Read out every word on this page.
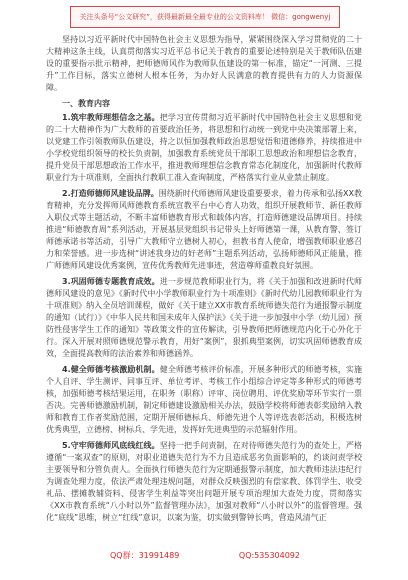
关注头条号“公文研究”，获得最新最全最专业的公文资料库！ 微信：gongwenyj

坚持以习近平新时代中国特色社会主义思想为指导，紧紧围绕深入学习贯彻党的二十大精神这条主线，认真贯彻落实习近平总书记关于教育的重要论述特别是关于教师队伍建设的重要指示批示精神，把师德师风作为教师队伍建设的第一标准，锚定“一河测、三提升”工作目标，落实立德树人根本任务，为办好人民满意的教育提供有力的人力资源保障。

一、教育内容

1.筑牢教师理想信念之基。把学习宣传贯彻习近平新时代中国特色社会主义思想和党的二十大精神作为广大教师的首要政治任务，将思想和行动统一到党中央决策部署上来，以党建工作引领教师队伍建设，持之以恒加强教师政治思想觉悟和道德修养，持续推进中小学校党组织领导的校长负责制，加强教育系统党员干部职工思想政治和理想信念教育，提升党员干部思想政治工作水平，推进教师理想信念教育常态化制度化，加强新时代教师职业行为十项准则，全面执行教职工准入查询制度，严格落实行业从业禁止制度。

2.打造师德师风建设品牌。围绕新时代师德师风建设重要要求，着力传承和弘扬XX教育精神，充分发挥师风师德教育系统宣教平台中心育人功效，组织开展教师节、新任教师入职仪式等主题活动，不断丰富师德教育形式和载体内容，打造师德建设品牌项目。持续推进“师德教育周”系列活动，开展基层党组织书记带头上好师德第一课，从教育警、签订师德承诺书等活动，引导广大教师守立德树人初心，担教书育人使命，增强教师职业感召力和荣誉感。进一步选树“讲述我身边的好老师”主题系列活动，弘扬师德师风正能量，推广师德师风建设优秀案例，宣传优秀教师先进事迹，营造尊师重教良好氛围。

3.巩固师德专题教育成效。进一步规范教师职业行为，将《关于加强和改进新时代师德师风建设的意见》《新时代中小学教师职业行为十项准则》《新时代幼儿园教师职业行为十项准则》纳入全员培训课程，做好《关于建立XX市教育系统师德失范行为通报警示制度的通知（试行）》《中华人民共和国未成年人保护法》《关于进一步加强中小学（幼儿园）预防性侵害学生工作的通知》等政策文件的宣传解读，引导教师把师德规范内化于心外化于行。深入开展对照师德规范警示教育，用好“案例”，狠抓典型案例，切实巩固师德教育成效，全面提高教师的法治素养和师德涵养。

4.健全师德考核激励机制。健全师德考核评价标准，开展多种形式的师德考核，实施个人自评、学生测评、同事互评、单位考评、考核工作小组综合评定等多种形式的师德考核，加强师德考核结果运用，在职务（职称）评审、岗位聘用、评优奖励等环节实行一票否决。完善师德激励机制，制定师德建设激励相关办法，鼓励学校将师德表彰奖励纳入教师和教育工作者奖励范围，定期开展师德标兵、师德先进个人等评选表彰活动，积极选树优秀典型，立德榜、树标兵、学先进，发挥好先进典型的示范辐射作用。

5.守牢师德师风底线红线。坚持一把手问责制，在对待师德失范行为的查处上，严格遵循“一案双查”的原则，对职业道德失范行为不力且造成恶劣负面影响的，约谈问责学校主要领导和分管负责人。全面执行师德失范行为定期通报警示制度，加大教师违法违纪行为调查处理力度，依法严肃处理违规问题，对群众反映强烈的有偿家教、体罚学生、收受礼品、摆摊教辅资料、侵害学生利益等突出问题开展专项治理加大查处力度，贯彻落实《XX市教育系统“八小时以外”监督管理办法》，加强对教师“八小时以外”的监督管理。强化“底线”思维，树立“红线”意识，以案为鉴，切实做到警钟长鸣，营造风清气正

QQ群：31991489	QQ:535304092
